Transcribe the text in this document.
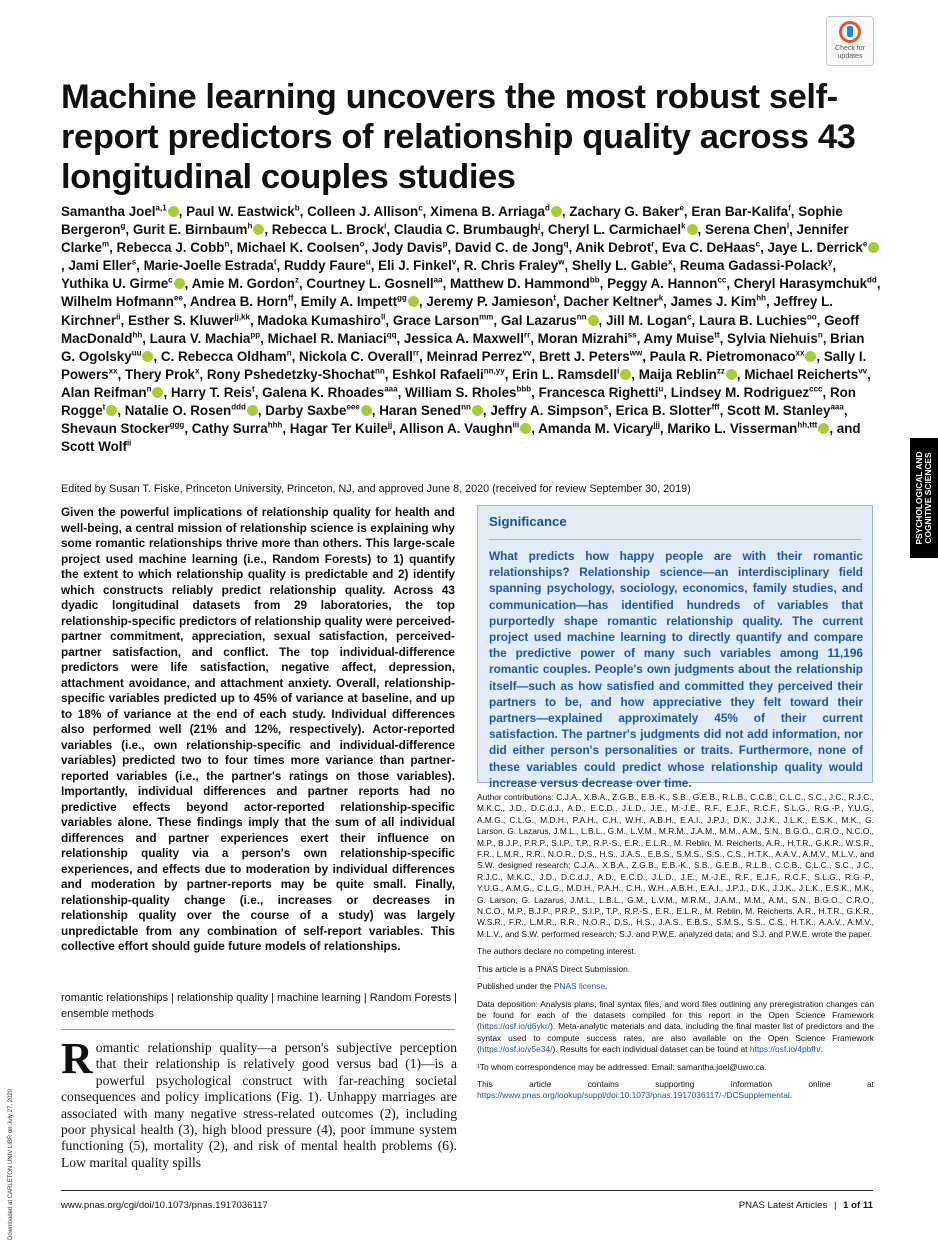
Check for
updates
Machine learning uncovers the most robust self-report predictors of relationship quality across 43 longitudinal couples studies

Samantha Joel$^{a,1}$ , Paul W. Eastwick$^b$, Colleen J. Allison$^c$, Ximena B. Arriaga$^d$ , Zachary G. Baker$^e$, Eran Bar-Kalifa$^f$, Sophie Bergeron$^g$, Gurit E. Birnbaum$^h$ , Rebecca L. Brock$^i$, Claudia C. Brumbaugh$^j$, Cheryl L. Carmichael$^k$ , Serena Chen$^l$, Jennifer Clarke$^m$, Rebecca J. Cobb$^n$, Michael K. Coolsen$^o$, Jody Davis$^p$, David C. de Jong$^q$, Anik Debrot$^r$, Eva C. DeHaas$^c$, Jaye L. Derrick$^e$, Jami Eller$^s$, Marie-Joelle Estrada$^t$, Ruddy Faure$^u$, Eli J. Finkel$^v$, R. Chris Fraley$^w$, Shelly L. Gable$^x$, Reuma Gadassi-Polack$^y$, Yuthika U. Girme$^c$ , Amie M. Gordon$^z$, Courtney L. Gosnell$^{aa}$, Matthew D. Hammond$^{bb}$, Peggy A. Hannon$^{cc}$, Cheryl Harasymchuk$^{dd}$, Wilhelm Hofmann$^{ee}$, Andrea B. Horn$^{ff}$, Emily A. Impett$^{gg}$ , Jeremy P. Jamieson$^t$, Dacher Keltner$^k$, James J. Kim$^{hh}$, Jeffrey L. Kirchner$^{ii}$, Esther S. Kluwer$^{jj,kk}$, Madoka Kumashiro$^{ll}$, Grace Larson$^{mm}$, Gal Lazarus$^{nn}$ , Jill M. Logan$^c$, Laura B. Luchies$^{oo}$, Geoff MacDonald$^{hh}$, Laura V. Machia$^{pp}$, Michael R. Maniaci$^{qq}$, Jessica A. Maxwell$^{rr}$, Moran Mizrahi$^{ss}$, Amy Muise$^{tt}$, Sylvia Niehuis$^n$, Brian G. Ogolsky$^{uu}$ , C. Rebecca Oldham$^n$, Nickola C. Overall$^{rr}$, Meinrad Perrez$^{vv}$, Brett J. Peters$^{ww}$, Paula R. Pietromonaco$^{xx}$ , Sally I. Powers$^{xx}$, Thery Prok$^x$, Rony Pshedetzky-Shochat$^{nn}$, Eshkol Rafaeli$^{nn,yy}$, Erin L. Ramsdell$^i$ , Maija Reblin$^{zz}$ , Michael Reicherts$^{vv}$, Alan Reifman$^n$ , Harry T. Reis$^t$, Galena K. Rhoades$^{aaa}$, William S. Rholes$^{bbb}$, Francesca Righetti$^u$, Lindsey M. Rodriguez$^{ccc}$, Ron Rogge$^t$ , Natalie O. Rosen$^{ddd}$ , Darby Saxbe$^{eee}$ , Haran Sened$^{nn}$ , Jeffry A. Simpson$^s$, Erica B. Slotter$^{fff}$, Scott M. Stanley$^{aaa}$, Shevaun Stocker$^{ggg}$, Cathy Surra$^{hhh}$, Hagar Ter Kuile$^{jj}$, Allison A. Vaughn$^{iii}$ , Amanda M. Vicary$^{jjj}$, Mariko L. Visserman$^{hh,ttt}$ , and Scott Wolf$^{ii}$

Edited by Susan T. Fiske, Princeton University, Princeton, NJ, and approved June 8, 2020 (received for review September 30, 2019)	PSYCHOLOGICAL AND COGNITIVE SCIENCES

Given the powerful implications of relationship quality for health and well-being, a central mission of relationship science is explaining why some romantic relationships thrive more than others. This large-scale project used machine learning (i.e., Random Forests) to 1) quantify the extent to which relationship quality is predictable and 2) identify which constructs reliably predict relationship quality. Across 43 dyadic longitudinal datasets from 29 laboratories, the top relationship-specific predictors of relationship quality were perceived-partner commitment, appreciation, sexual satisfaction, perceived-partner satisfaction, and conflict. The top individual-difference predictors were life satisfaction, negative affect, depression, attachment avoidance, and attachment anxiety. Overall, relationship-specific variables predicted up to 45% of variance at baseline, and up to 18% of variance at the end of each study. Individual differences also performed well (21% and 12%, respectively). Actor-reported variables (i.e., own relationship-specific and individual-difference variables) predicted two to four times more variance than partner-reported variables (i.e., the partner's ratings on those variables). Importantly, individual differences and partner reports had no predictive effects beyond actor-reported relationship-specific variables alone. These findings imply that the sum of all individual differences and partner experiences exert their influence on relationship quality via a person's own relationship-specific experiences, and effects due to moderation by individual differences and moderation by partner-reports may be quite small. Finally, relationship-quality change (i.e., increases or decreases in relationship quality over the course of a study) was largely unpredictable from any combination of self-report variables. This collective effort should guide future models of relationships.

romantic relationships | relationship quality | machine learning | Random Forests | ensemble methods

Romantic relationship quality—a person's subjective perception that their relationship is relatively good versus bad (1)—is a powerful psychological construct with far-reaching societal consequences and policy implications (Fig. 1). Unhappy marriages are associated with many negative stress-related outcomes (2), including poor physical health (3), high blood pressure (4), poor immune system functioning (5), mortality (2), and risk of mental health problems (6). Low marital quality spills

Significance

What predicts how happy people are with their romantic relationships? Relationship science—an interdisciplinary field spanning psychology, sociology, economics, family studies, and communication—has identified hundreds of variables that purportedly shape romantic relationship quality. The current project used machine learning to directly quantify and compare the predictive power of many such variables among 11,196 romantic couples. People's own judgments about the relationship itself—such as how satisfied and committed they perceived their partners to be, and how appreciative they felt toward their partners—explained approximately 45% of their current satisfaction. The partner's judgments did not add information, nor did either person's personalities or traits. Furthermore, none of these variables could predict whose relationship quality would increase versus decrease over time.

Author contributions: C.J.A., X.B.A., Z.G.B., E.B.-K., S.B., G.E.B., R.L.B., C.C.B., C.L.C., S.C., J.C., R.J.C., M.K.C., J.D., D.C.d.J., A.D., E.C.D., J.L.D., J.E., M.-J.E., R.F., E.J.F., R.C.F., S.L.G., R.G.-P., Y.U.G., A.M.G., C.L.G., M.D.H., P.A.H., C.H., W.H., A.B.H., E.A.I., J.P.J., D.K., J.J.K., J.L.K., E.S.K., M.K., G. Larson, G. Lazarus, J.M.L., L.B.L., G.M., L.V.M., M.R.M., J.A.M., M.M., A.M., S.N., B.G.O., C.R.O., N.C.O., M.P., B.J.P., P.R.P., S.I.P., T.P., R.P.-S., E.R., E.L.R., M. Reblin, M. Reicherts, A.R., H.T.R., G.K.R., W.S.R., F.R., L.M.R., R.R., N.O.R., D.S., H.S., J.A.S., E.B.S., S.M.S., S.S., C.S., H.T.K., A.A.V., A.M.V., M.L.V., and S.W. designed research; C.J.A., X.B.A., Z.G.B., E.B.-K., S.B., G.E.B., R.L.B., C.C.B., C.L.C., S.C., J.C., R.J.C., M.K.C., J.D., D.C.d.J., A.D., E.C.D., J.L.D., J.E., M.-J.E., R.F., E.J.F., R.C.F., S.L.G., R.G.-P., Y.U.G., A.M.G., C.L.G., M.D.H., P.A.H., C.H., W.H., A.B.H., E.A.I., J.P.J., D.K., J.J.K., J.L.K., E.S.K., M.K., G. Larson, G. Lazarus, J.M.L., L.B.L., G.M., L.V.M., M.R.M., J.A.M., M.M., A.M., S.N., B.G.O., C.R.O., N.C.O., M.P., B.J.P., P.R.P., S.I.P., T.P., R.P.-S., E.R., E.L.R., M. Reblin, M. Reicherts, A.R., H.T.R., G.K.R., W.S.R., F.R., L.M.R., R.R., N.O.R., D.S., H.S., J.A.S., E.B.S., S.M.S., S.S., C.S., H.T.K., A.A.V., A.M.V., M.L.V., and S.W. performed research; S.J. and P.W.E. analyzed data; and S.J. and P.W.E. wrote the paper.

The authors declare no competing interest.

This article is a PNAS Direct Submission.

Published under the PNAS license.

Data deposition: Analysis plans, final syntax files, and word files outlining any preregistration changes can be found for each of the datasets compiled for this report in the Open Science Framework (https://osf.io/d6ykr/). Meta-analytic materials and data, including the final master list of predictors and the syntax used to compute success rates, are also available on the Open Science Framework (https://osf.io/v5e34/). Results for each individual dataset can be found at https://osf.io/4pbfh/.

¹To whom correspondence may be addressed. Email: samantha.joel@uwo.ca.

This article contains supporting information online at https://www.pnas.org/lookup/suppl/doi:10.1073/pnas.1917036117/-/DCSupplemental.

www.pnas.org/cgi/doi/10.1073/pnas.1917036117	PNAS Latest Articles | 1 of 11
Downloaded at CARLETON UNIV LIBR on July 27, 2020
